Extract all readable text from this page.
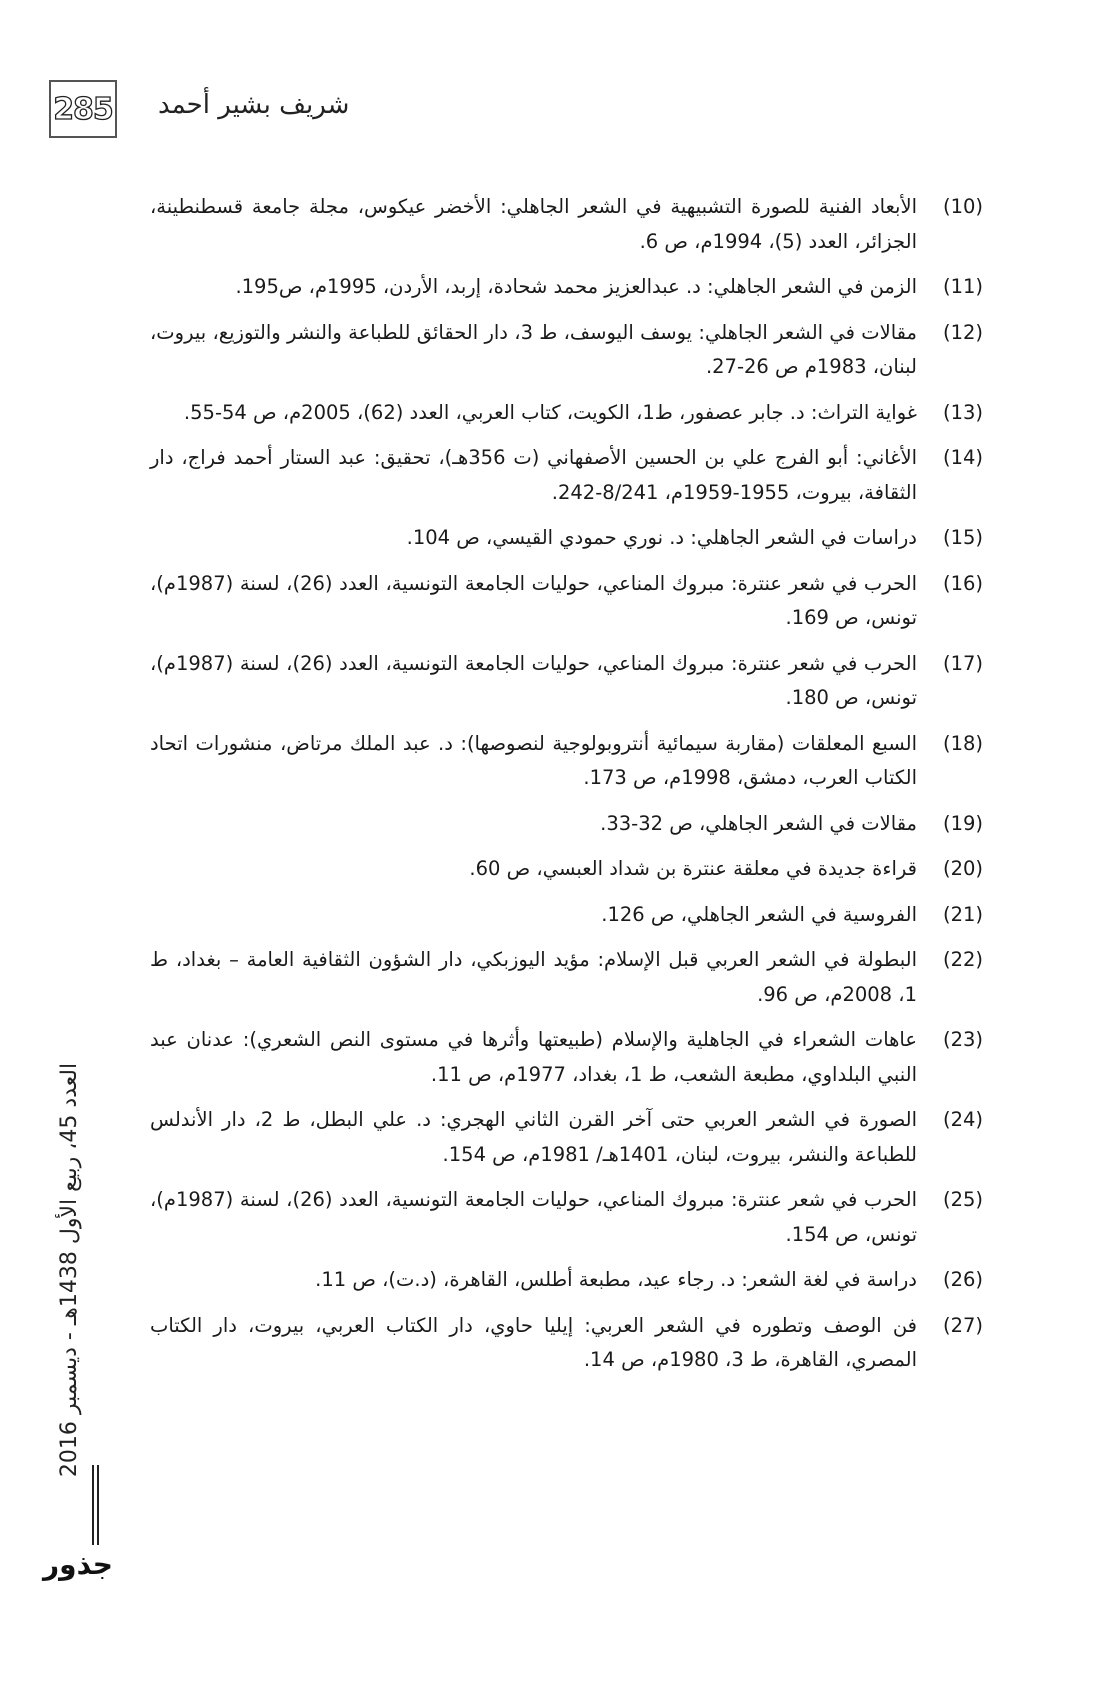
285 شريف بشير أحمد
(10)
الأبعاد الفنية للصورة التشبيهية في الشعر الجاهلي: الأخضر عيكوس، مجلة جامعة قسطنطينة، الجزائر، العدد (5)، 1994م، ص 6.
(11)
الزمن في الشعر الجاهلي: د. عبدالعزيز محمد شحادة، إربد، الأردن، 1995م، ص195.
(12)
مقالات في الشعر الجاهلي: يوسف اليوسف، ط 3، دار الحقائق للطباعة والنشر والتوزيع، بيروت، لبنان، 1983م ص 26-27.
(13)
غواية التراث: د. جابر عصفور، ط1، الكويت، كتاب العربي، العدد (62)، 2005م، ص 54-55.
(14)
الأغاني: أبو الفرج علي بن الحسين الأصفهاني (ت 356هـ)، تحقيق: عبد الستار أحمد فراج، دار الثقافة، بيروت، 1955-1959م، 8/241-242.
(15)
دراسات في الشعر الجاهلي: د. نوري حمودي القيسي، ص 104.
(16)
الحرب في شعر عنترة: مبروك المناعي، حوليات الجامعة التونسية، العدد (26)، لسنة (1987م)، تونس، ص 169.
(17)
الحرب في شعر عنترة: مبروك المناعي، حوليات الجامعة التونسية، العدد (26)، لسنة (1987م)، تونس، ص 180.
(18)
السبع المعلقات (مقاربة سيمائية أنتروبولوجية لنصوصها): د. عبد الملك مرتاض، منشورات اتحاد الكتاب العرب، دمشق، 1998م، ص 173.
(19)
مقالات في الشعر الجاهلي، ص 32-33.
(20)
قراءة جديدة في معلقة عنترة بن شداد العبسي، ص 60.
(21)
الفروسية في الشعر الجاهلي، ص 126.
(22)
البطولة في الشعر العربي قبل الإسلام: مؤيد اليوزبكي، دار الشؤون الثقافية العامة – بغداد، ط 1، 2008م، ص 96.
(23)
عاهات الشعراء في الجاهلية والإسلام (طبيعتها وأثرها في مستوى النص الشعري): عدنان عبد النبي البلداوي، مطبعة الشعب، ط 1، بغداد، 1977م، ص 11.
(24)
الصورة في الشعر العربي حتى آخر القرن الثاني الهجري: د. علي البطل، ط 2، دار الأندلس للطباعة والنشر، بيروت، لبنان، 1401هـ/ 1981م، ص 154.
(25)
الحرب في شعر عنترة: مبروك المناعي، حوليات الجامعة التونسية، العدد (26)، لسنة (1987م)، تونس، ص 154.
(26)
دراسة في لغة الشعر: د. رجاء عيد، مطبعة أطلس، القاهرة، (د.ت)، ص 11.
(27)
فن الوصف وتطوره في الشعر العربي: إيليا حاوي، دار الكتاب العربي، بيروت، دار الكتاب المصري، القاهرة، ط 3، 1980م، ص 14.
العدد 45، ربيع الأول 1438هـ - ديسمبر 2016
جذور
